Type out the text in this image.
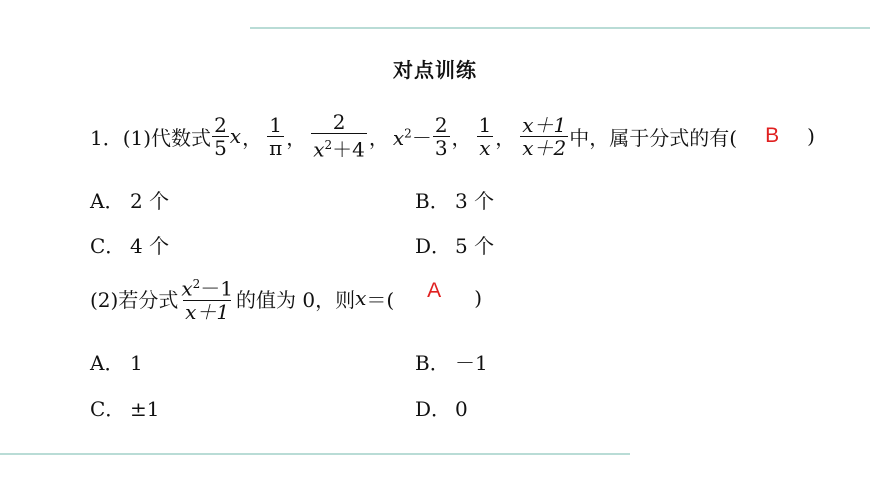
对点训练
1．(1)代数式 $\frac{2}{5}$ x ， $\frac{1}{\pi}$ ， $\frac{2}{x^2+4}$ ， $x^2- \frac{2}{3}$ ， $\frac{1}{x}$ ， $\frac{x+1}{x+2}$ 中，属于分式的有(	B	)
A． 2 个	B． 3 个
C． 4 个	D． 5 个
(2)若分式 $\frac{x^2-1}{x+1}$ 的值为 0，则 x ＝(	A	)
A． 1	B． －1
C． ±1	D． 0
